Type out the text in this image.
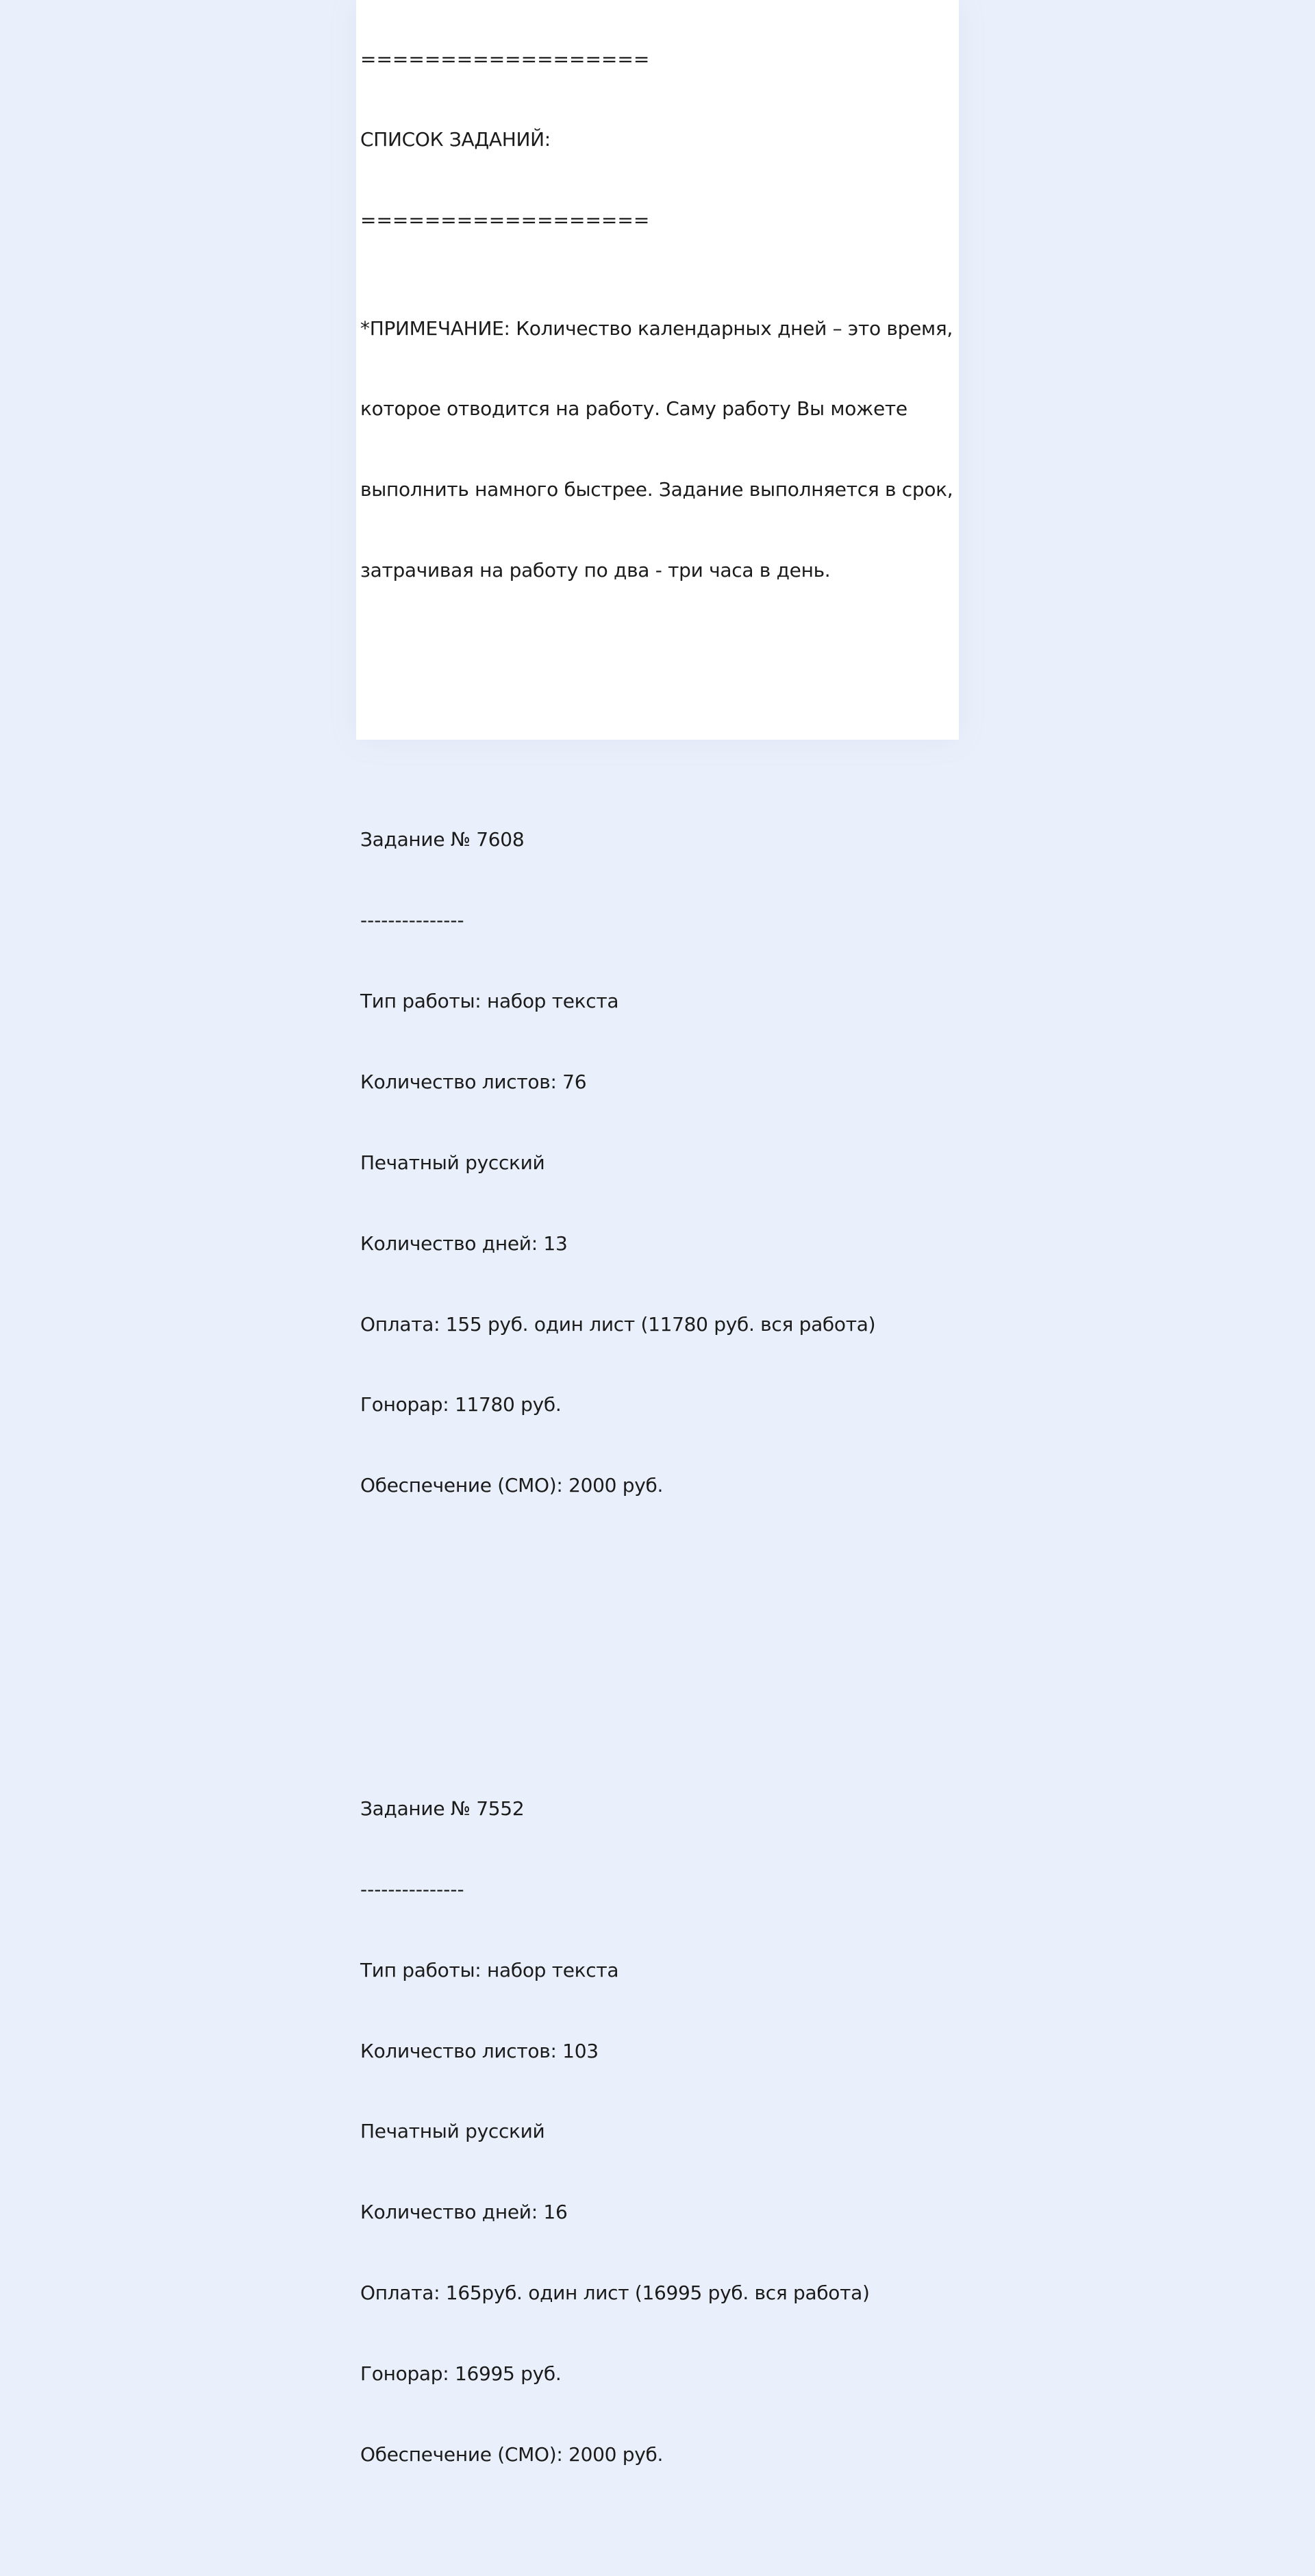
==================

СПИСОК ЗАДАНИЙ:

==================

*ПРИМЕЧАНИЕ: Количество календарных дней – это время,

которое отводится на работу. Саму работу Вы можете

выполнить намного быстрее. Задание выполняется в срок,

затрачивая на работу по два - три часа в день.

Задание № 7608

---------------

Тип работы: набор текста

Количество листов: 76

Печатный русский

Количество дней: 13

Оплата: 155 руб. один лист (11780 руб. вся работа)

Гонорар: 11780 руб.

Обеспечение (СМО): 2000 руб.

Задание № 7552

---------------

Тип работы: набор текста

Количество листов: 103

Печатный русский

Количество дней: 16

Оплата: 165руб. один лист (16995 руб. вся работа)

Гонорар: 16995 руб.

Обеспечение (СМО): 2000 руб.
